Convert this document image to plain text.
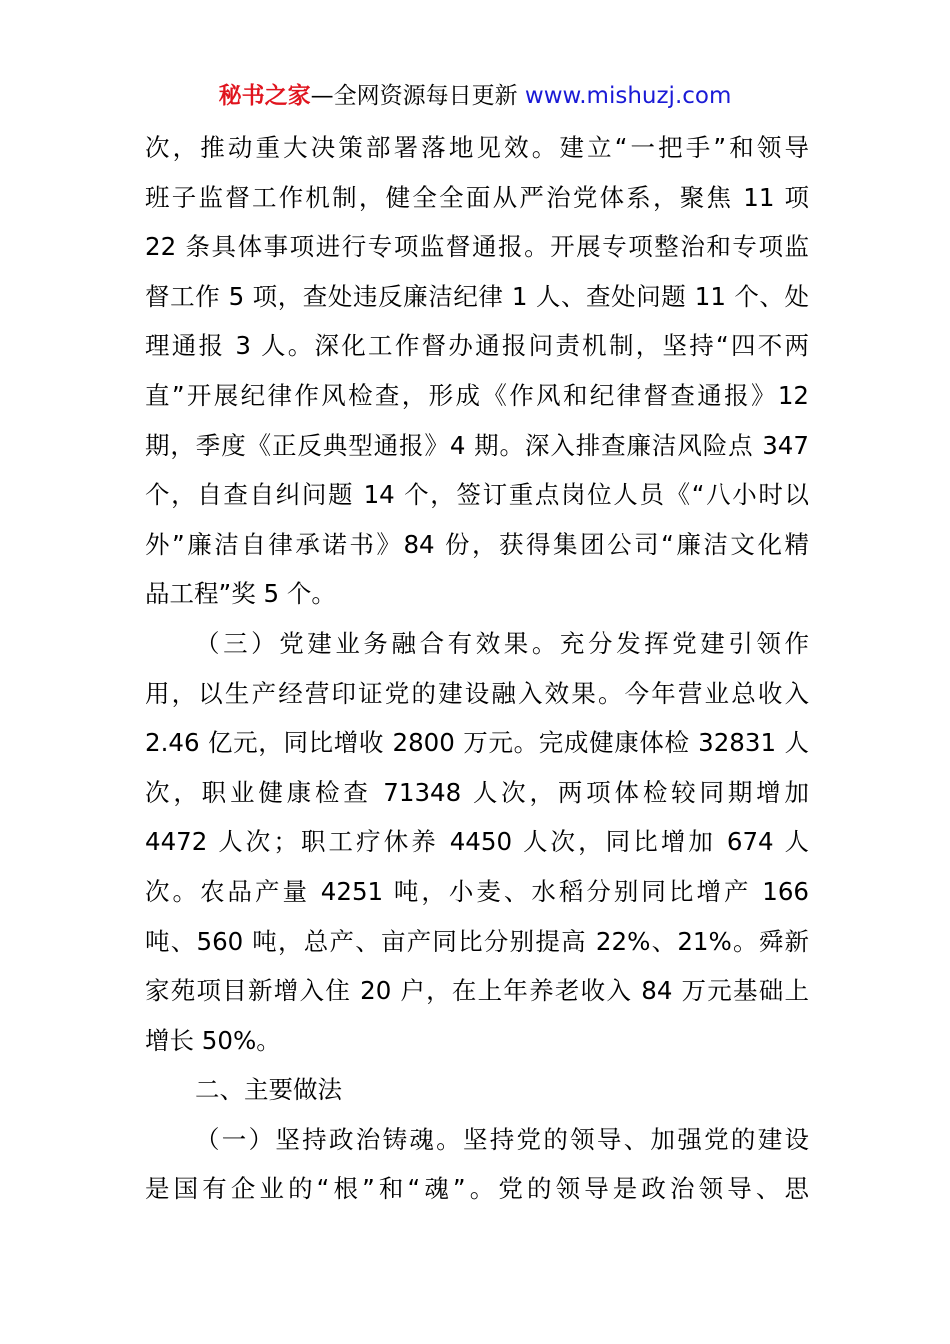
秘书之家—全网资源每日更新 www.mishuzj.com
次，推动重大决策部署落地见效。建立“一把手”和领导
班子监督工作机制，健全全面从严治党体系，聚焦 11 项
22 条具体事项进行专项监督通报。开展专项整治和专项监
督工作 5 项，查处违反廉洁纪律 1 人、查处问题 11 个、处
理通报 3 人。深化工作督办通报问责机制，坚持“四不两
直”开展纪律作风检查，形成《作风和纪律督查通报》12
期，季度《正反典型通报》4 期。深入排查廉洁风险点 347
个，自查自纠问题 14 个，签订重点岗位人员《“八小时以
外”廉洁自律承诺书》84 份，获得集团公司“廉洁文化精
品工程”奖 5 个。
（三）党建业务融合有效果。充分发挥党建引领作
用，以生产经营印证党的建设融入效果。今年营业总收入
2.46 亿元，同比增收 2800 万元。完成健康体检 32831 人
次，职业健康检查 71348 人次，两项体检较同期增加
4472 人次；职工疗休养 4450 人次，同比增加 674 人
次。农品产量 4251 吨，小麦、水稻分别同比增产 166
吨、560 吨，总产、亩产同比分别提高 22%、21%。舜新
家苑项目新增入住 20 户，在上年养老收入 84 万元基础上
增长 50%。
二、主要做法
（一）坚持政治铸魂。坚持党的领导、加强党的建设
是国有企业的“根”和“魂”。党的领导是政治领导、思
